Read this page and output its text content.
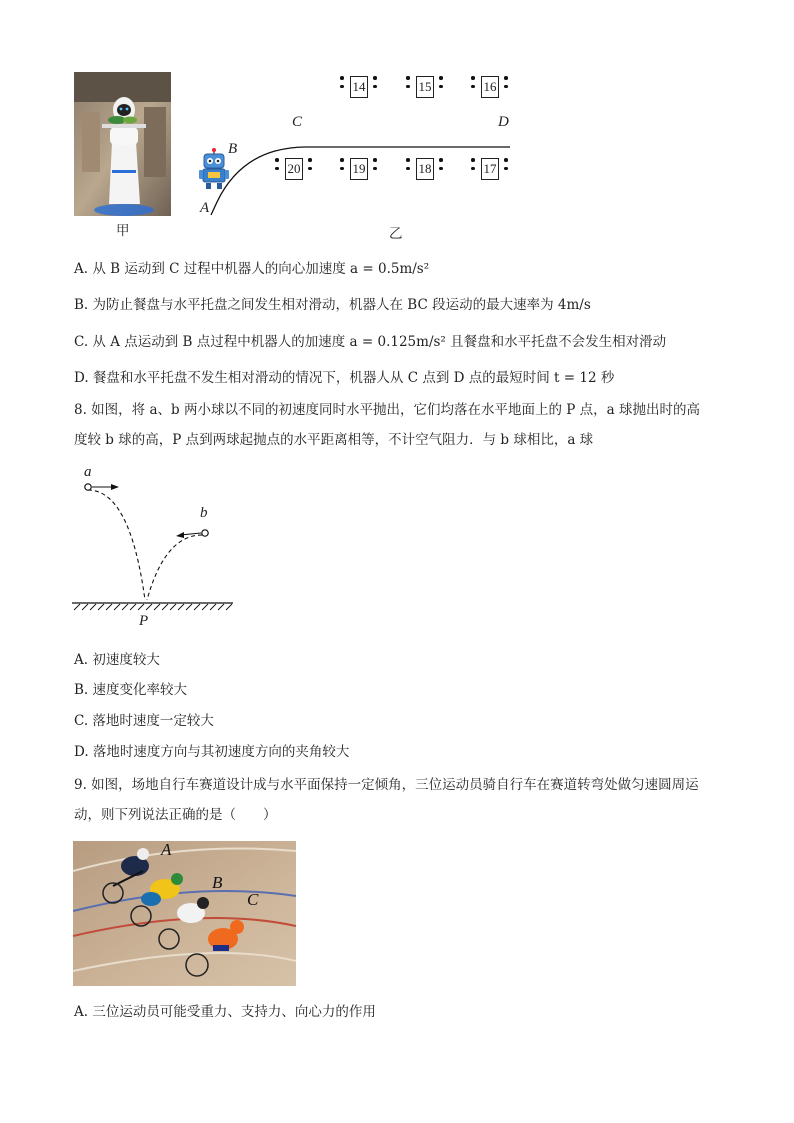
甲
A
B
C	D
14	15	16
20	19	18	17
乙
A. 从 B 运动到 C 过程中机器人的向心加速度 a = 0.5m/s²
B. 为防止餐盘与水平托盘之间发生相对滑动，机器人在 BC 段运动的最大速率为 4m/s
C. 从 A 点运动到 B 点过程中机器人的加速度 a = 0.125m/s² 且餐盘和水平托盘不会发生相对滑动
D. 餐盘和水平托盘不发生相对滑动的情况下，机器人从 C 点到 D 点的最短时间 t = 12 秒
8. 如图，将 a、b 两小球以不同的初速度同时水平抛出，它们均落在水平地面上的 P 点，a 球抛出时的高
度较 b 球的高，P 点到两球起抛点的水平距离相等，不计空气阻力．与 b 球相比，a 球
a
b
P
A. 初速度较大
B. 速度变化率较大
C. 落地时速度一定较大
D. 落地时速度方向与其初速度方向的夹角较大
9. 如图，场地自行车赛道设计成与水平面保持一定倾角，三位运动员骑自行车在赛道转弯处做匀速圆周运
动，则下列说法正确的是（　　）
A
B
C
A. 三位运动员可能受重力、支持力、向心力的作用
